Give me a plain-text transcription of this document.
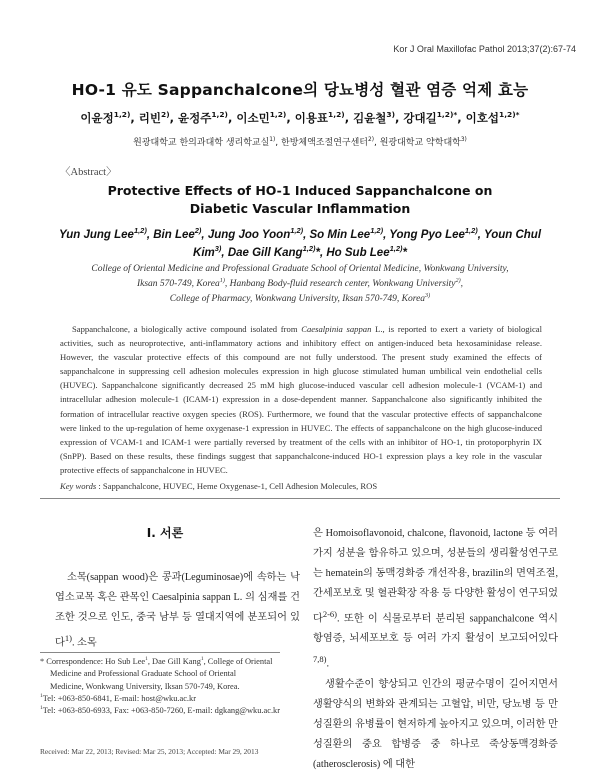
Kor J Oral Maxillofac Pathol 2013;37(2):67-74
HO-1 유도 Sappanchalcone의 당뇨병성 혈관 염증 억제 효능
이윤정$^{1,2)}$, 리빈$^{2)}$, 윤정주$^{1,2)}$, 이소민$^{1,2)}$, 이용표$^{1,2)}$, 김윤철$^{3)}$, 강대길$^{1,2)*}$, 이호섭$^{1,2)*}$
원광대학교 한의과대학 생리학교실$^{1)}$, 한방체액조절연구센터$^{2)}$, 원광대학교 약학대학$^{3)}$
〈Abstract〉
Protective Effects of HO-1 Induced Sappanchalcone on Diabetic Vascular Inflammation
Yun Jung Lee$^{1,2)}$, Bin Lee$^{2)}$, Jung Joo Yoon$^{1,2)}$, So Min Lee$^{1,2)}$, Yong Pyo Lee$^{1,2)}$, Youn Chul Kim$^{3)}$, Dae Gill Kang$^{1,2)}$*, Ho Sub Lee$^{1,2)}$*
College of Oriental Medicine and Professional Graduate School of Oriental Medicine, Wonkwang University,
Iksan 570-749, Korea$^{1)}$, Hanbang Body-fluid research center, Wonkwang University$^{2)}$,
College of Pharmacy, Wonkwang University, Iksan 570-749, Korea$^{3)}$
Sappanchalcone, a biologically active compound isolated from Caesalpinia sappan L., is reported to exert a variety of biological activities, such as neuroprotective, anti-inflammatory actions and inhibitory effect on antigen-induced beta hexosaminidase release. However, the vascular protective effects of this compound are not fully understood. The present study examined the effects of sappanchalcone in suppressing cell adhesion molecules expression in high glucose stimulated human umbilical vein endothelial cells (HUVEC). Sappanchalcone significantly decreased 25 mM high glucose-induced vascular cell adhesion molecule-1 (VCAM-1) and intracellular adhesion molecule-1 (ICAM-1) expression in a dose-dependent manner. Sappanchalcone also significantly inhibited the formation of intracellular reactive oxygen species (ROS). Furthermore, we found that the vascular protective effects of sappanchalcone were linked to the up-regulation of heme oxygenase-1 expression in HUVEC. The effects of sappanchalcone on the high glucose-induced expression of VCAM-1 and ICAM-1 were partially reversed by treatment of the cells with an inhibitor of HO-1, tin protoporphyrin IX (SnPP). Based on these results, these findings suggest that sappanchalcone-induced HO-1 expression plays a key role in the vascular protective effects of sappanchalcone in HUVEC.
Key words : Sappanchalcone, HUVEC, Heme Oxygenase-1, Cell Adhesion Molecules, ROS
Ⅰ. 서론
소목(sappan wood)은 콩과(Leguminosae)에 속하는 낙엽소교목 혹은 관목인 Caesalpinia sappan L. 의 심재를 건조한 것으로 인도, 중국 남부 등 열대지역에 분포되어 있다$^{1)}$. 소목

은 Homoisoflavonoid, chalcone, flavonoid, lactone 등 여러 가지 성분을 함유하고 있으며, 성분들의 생리활성연구로는 hematein의 동맥경화증 개선작용, brazilin의 면역조절, 간세포보호 및 혈관확장 작용 등 다양한 활성이 연구되었다$^{2-6)}$. 또한 이 식물로부터 분리된 sappanchalcone 역시 항염증, 뇌세포보호 등 여러 가지 활성이 보고되어있다$^{7,8)}$.

생활수준이 향상되고 인간의 평균수명이 길어지면서 생활양식의 변화와 관계되는 고혈압, 비만, 당뇨병 등 만성질환의 유병률이 현저하게 높아지고 있으며, 이러한 만성질환의 중요 합병증 중 하나로 죽상동맥경화증(atherosclerosis) 에 대한

* Correspondence: Ho Sub Lee$^1$, Dae Gill Kang$^1$, College of Oriental
Medicine and Professional Graduate School of Oriental
Medicine, Wonkwang University, Iksan 570-749, Korea.
$^1$Tel: +063-850-6841, E-mail: host@wku.ac.kr
$^1$Tel: +063-850-6933, Fax: +063-850-7260, E-mail: dgkang@wku.ac.kr
Received: Mar 22, 2013; Revised: Mar 25, 2013; Accepted: Mar 29, 2013
